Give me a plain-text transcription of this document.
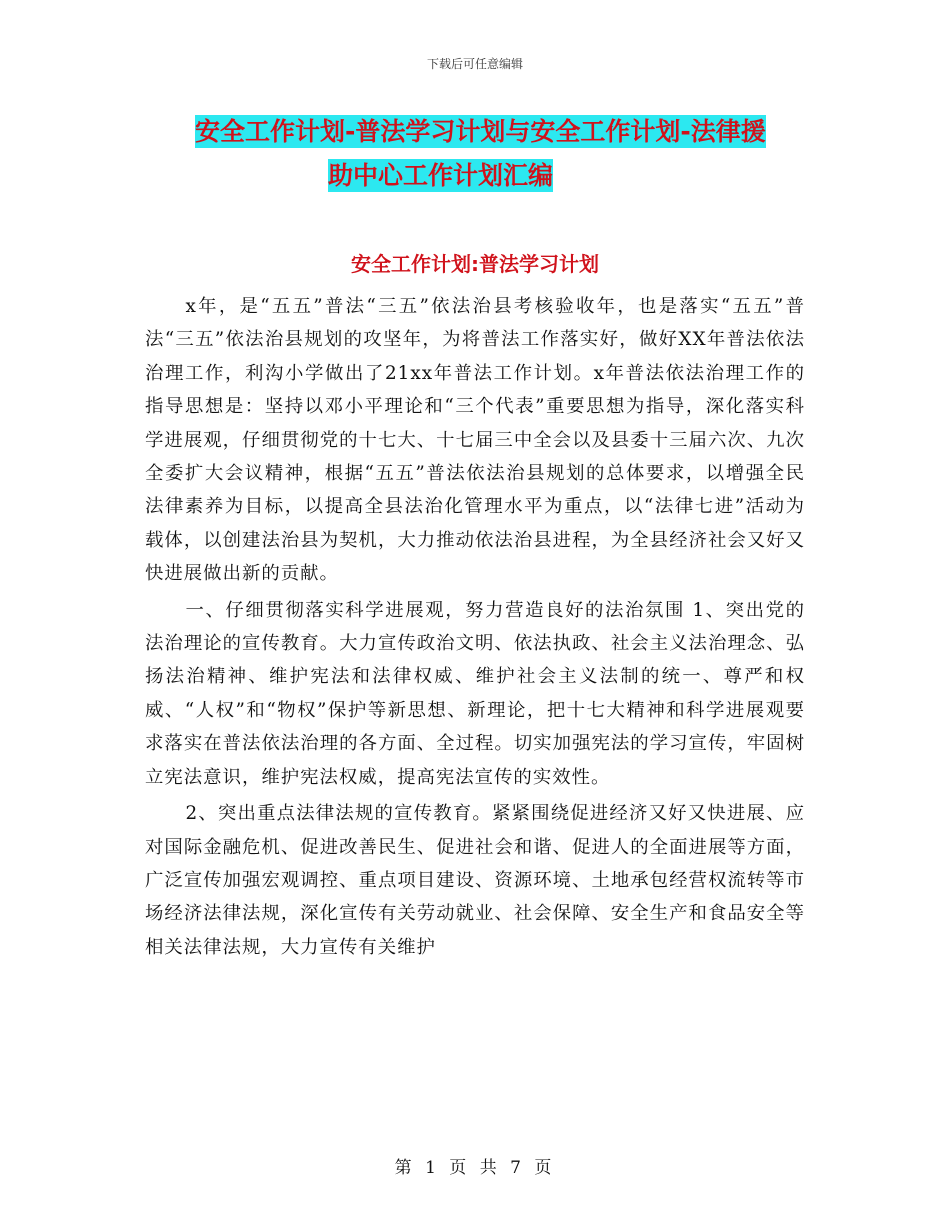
下载后可任意编辑
安全工作计划-普法学习计划与安全工作计划-法律援
助中心工作计划汇编
安全工作计划:普法学习计划

x年，是“五五”普法“三五”依法治县考核验收年，也是落实“五五”普法“三五”依法治县规划的攻坚年，为将普法工作落实好，做好XX年普法依法治理工作，利沟小学做出了21xx年普法工作计划。x年普法依法治理工作的指导思想是：坚持以邓小平理论和“三个代表”重要思想为指导，深化落实科学进展观，仔细贯彻党的十七大、十七届三中全会以及县委十三届六次、九次全委扩大会议精神，根据“五五”普法依法治县规划的总体要求，以增强全民法律素养为目标，以提高全县法治化管理水平为重点，以“法律七进”活动为载体，以创建法治县为契机，大力推动依法治县进程，为全县经济社会又好又快进展做出新的贡献。

一、仔细贯彻落实科学进展观，努力营造良好的法治氛围 1、突出党的法治理论的宣传教育。大力宣传政治文明、依法执政、社会主义法治理念、弘扬法治精神、维护宪法和法律权威、维护社会主义法制的统一、尊严和权威、“人权”和“物权”保护等新思想、新理论，把十七大精神和科学进展观要求落实在普法依法治理的各方面、全过程。切实加强宪法的学习宣传，牢固树立宪法意识，维护宪法权威，提高宪法宣传的实效性。

2、突出重点法律法规的宣传教育。紧紧围绕促进经济又好又快进展、应对国际金融危机、促进改善民生、促进社会和谐、促进人的全面进展等方面，广泛宣传加强宏观调控、重点项目建设、资源环境、土地承包经营权流转等市场经济法律法规，深化宣传有关劳动就业、社会保障、安全生产和食品安全等相关法律法规，大力宣传有关维护

第 1 页 共 7 页
